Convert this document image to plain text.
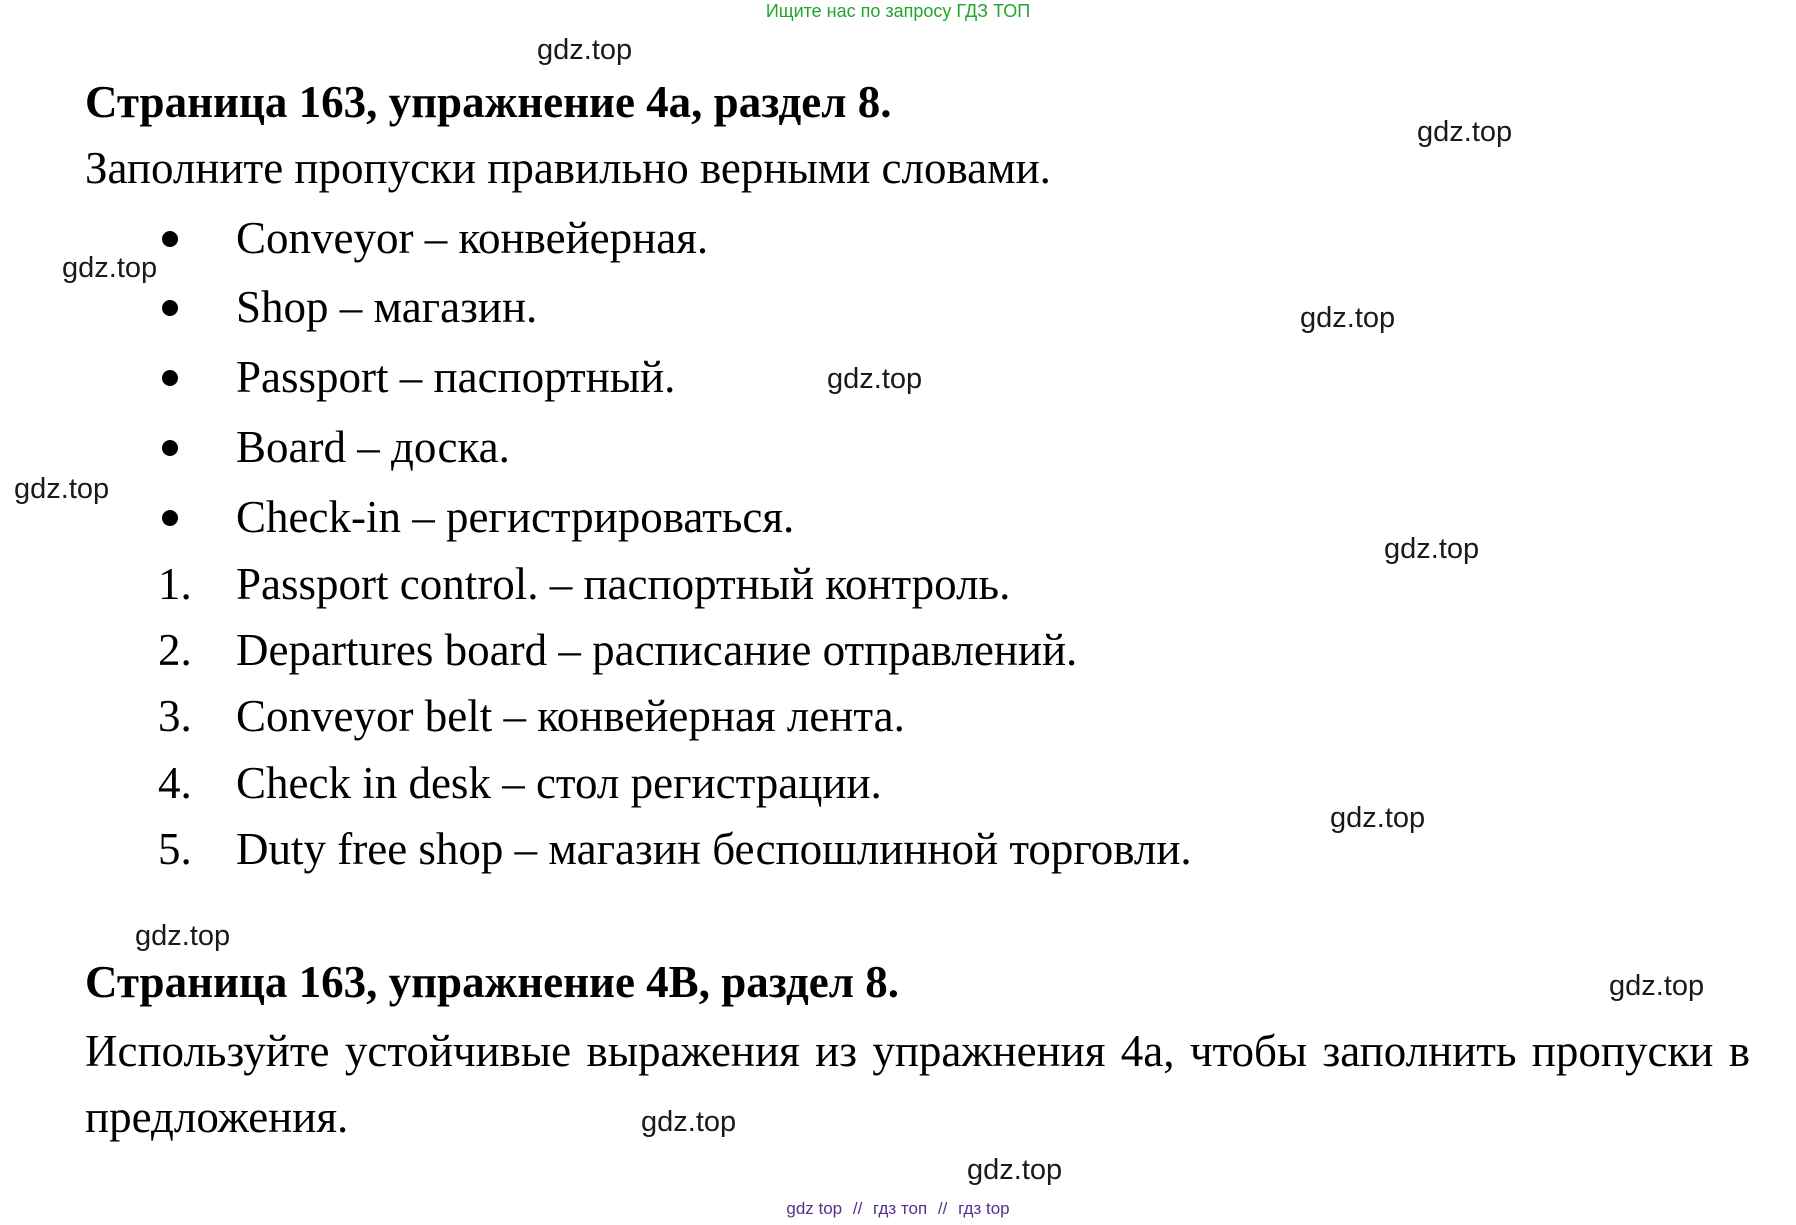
Ищите нас по запросу ГДЗ ТОП
Страница 163, упражнение 4a, раздел 8.

Заполните пропуски правильно верными словами.

Conveyor – конвейерная.
Shop – магазин.
Passport – паспортный.
Board – доска.
Check-in – регистрироваться.
1. Passport control. – паспортный контроль.
2. Departures board – расписание отправлений.
3. Conveyor belt – конвейерная лента.
4. Check in desk – стол регистрации.
5. Duty free shop – магазин беспошлинной торговли.
Страница 163, упражнение 4В, раздел 8.

Используйте устойчивые выражения из упражнения 4а, чтобы заполнить пропуски в предложения.

gdz.top
gdz.top
gdz.top
gdz.top
gdz.top
gdz.top
gdz.top
gdz.top
gdz.top
gdz.top
gdz.top
gdz.top
gdz top // гдз топ // гдз top
